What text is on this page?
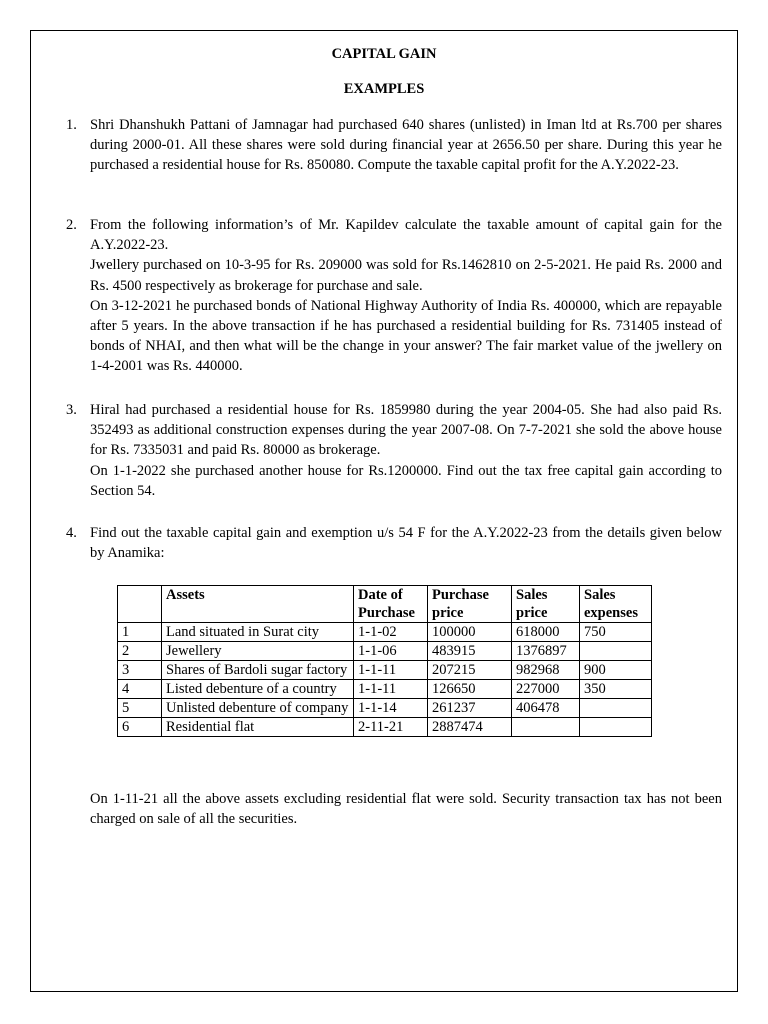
CAPITAL GAIN
EXAMPLES
1. Shri Dhanshukh Pattani of Jamnagar had purchased 640 shares (unlisted) in Iman ltd at Rs.700 per shares during 2000-01. All these shares were sold during financial year at 2656.50 per share. During this year he purchased a residential house for Rs. 850080. Compute the taxable capital profit for the A.Y.2022-23.

2. From the following information’s of Mr. Kapildev calculate the taxable amount of capital gain for the A.Y.2022-23.

Jwellery purchased on 10-3-95 for Rs. 209000 was sold for Rs.1462810 on 2-5-2021. He paid Rs. 2000 and Rs. 4500 respectively as brokerage for purchase and sale.

On 3-12-2021 he purchased bonds of National Highway Authority of India Rs. 400000, which are repayable after 5 years. In the above transaction if he has purchased a residential building for Rs. 731405 instead of bonds of NHAI, and then what will be the change in your answer? The fair market value of the jwellery on 1-4-2001 was Rs. 440000.

3. Hiral had purchased a residential house for Rs. 1859980 during the year 2004-05. She had also paid Rs. 352493 as additional construction expenses during the year 2007-08. On 7-7-2021 she sold the above house for Rs. 7335031 and paid Rs. 80000 as brokerage.

On 1-1-2022 she purchased another house for Rs.1200000. Find out the tax free capital gain according to Section 54.

4. Find out the taxable capital gain and exemption u/s 54 F for the A.Y.2022-23 from the details given below by Anamika:

	Assets	Date of Purchase	Purchase price	Sales price	Sales expenses
1	Land situated in Surat city	1-1-02	100000	618000	750
2	Jewellery	1-1-06	483915	1376897	
3	Shares of Bardoli sugar factory	1-1-11	207215	982968	900
4	Listed debenture of a country	1-1-11	126650	227000	350
5	Unlisted debenture of company	1-1-14	261237	406478	
6	Residential flat	2-11-21	2887474		

On 1-11-21 all the above assets excluding residential flat were sold. Security transaction tax has not been charged on sale of all the securities.
